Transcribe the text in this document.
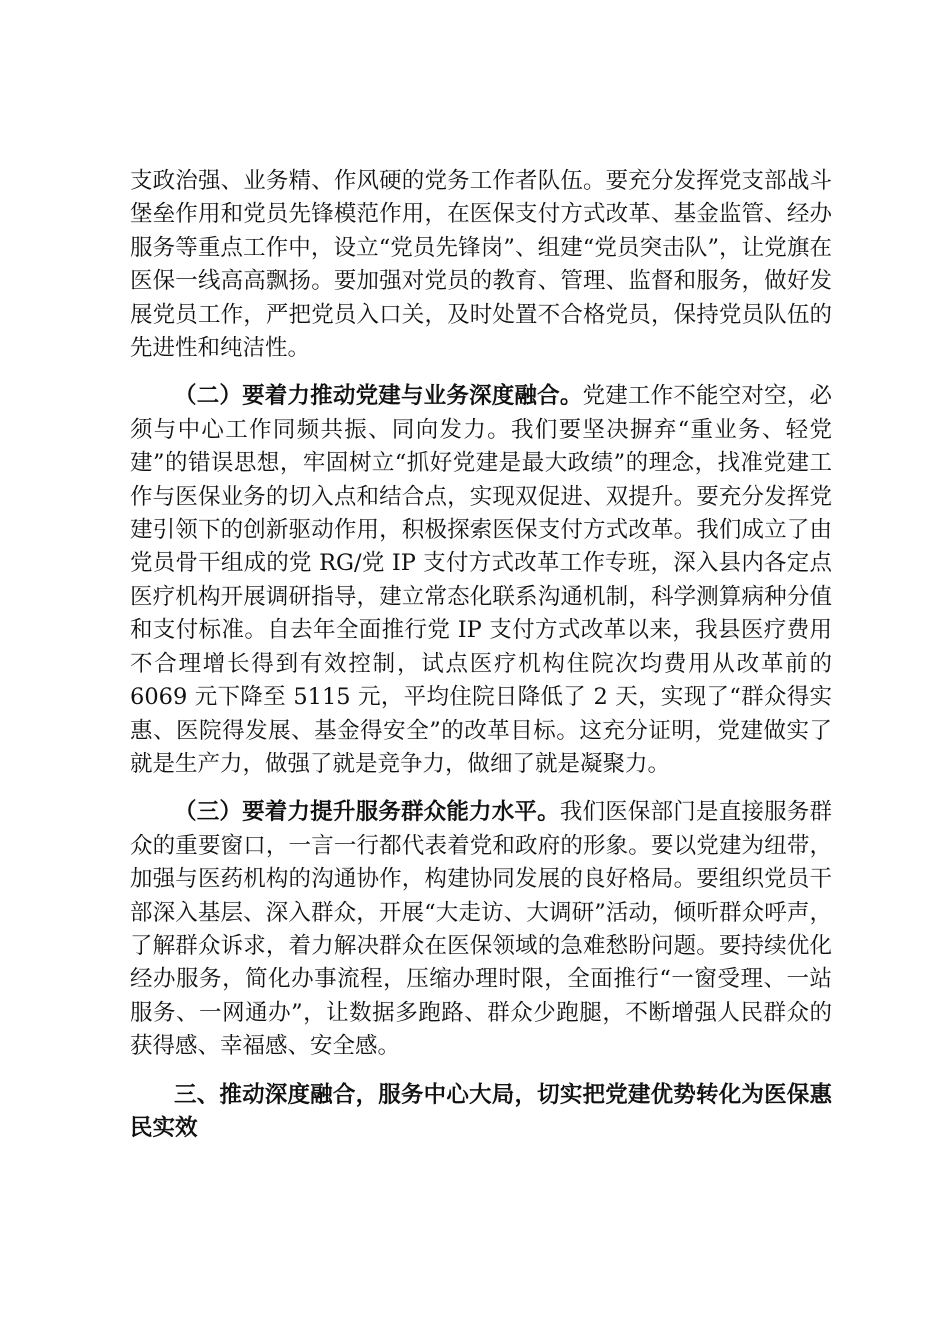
支政治强、业务精、作风硬的党务工作者队伍。要充分发挥党支部战斗堡垒作用和党员先锋模范作用，在医保支付方式改革、基金监管、经办服务等重点工作中，设立“党员先锋岗”、组建“党员突击队”，让党旗在医保一线高高飘扬。要加强对党员的教育、管理、监督和服务，做好发展党员工作，严把党员入口关，及时处置不合格党员，保持党员队伍的先进性和纯洁性。

（二）要着力推动党建与业务深度融合。党建工作不能空对空，必须与中心工作同频共振、同向发力。我们要坚决摒弃“重业务、轻党建”的错误思想，牢固树立“抓好党建是最大政绩”的理念，找准党建工作与医保业务的切入点和结合点，实现双促进、双提升。要充分发挥党建引领下的创新驱动作用，积极探索医保支付方式改革。我们成立了由党员骨干组成的党 RG/党 IP 支付方式改革工作专班，深入县内各定点医疗机构开展调研指导，建立常态化联系沟通机制，科学测算病种分值和支付标准。自去年全面推行党 IP 支付方式改革以来，我县医疗费用不合理增长得到有效控制，试点医疗机构住院次均费用从改革前的 6069 元下降至 5115 元，平均住院日降低了 2 天，实现了“群众得实惠、医院得发展、基金得安全”的改革目标。这充分证明，党建做实了就是生产力，做强了就是竞争力，做细了就是凝聚力。

（三）要着力提升服务群众能力水平。我们医保部门是直接服务群众的重要窗口，一言一行都代表着党和政府的形象。要以党建为纽带，加强与医药机构的沟通协作，构建协同发展的良好格局。要组织党员干部深入基层、深入群众，开展“大走访、大调研”活动，倾听群众呼声，了解群众诉求，着力解决群众在医保领域的急难愁盼问题。要持续优化经办服务，简化办事流程，压缩办理时限，全面推行“一窗受理、一站服务、一网通办”，让数据多跑路、群众少跑腿，不断增强人民群众的获得感、幸福感、安全感。

三、推动深度融合，服务中心大局，切实把党建优势转化为医保惠民实效
